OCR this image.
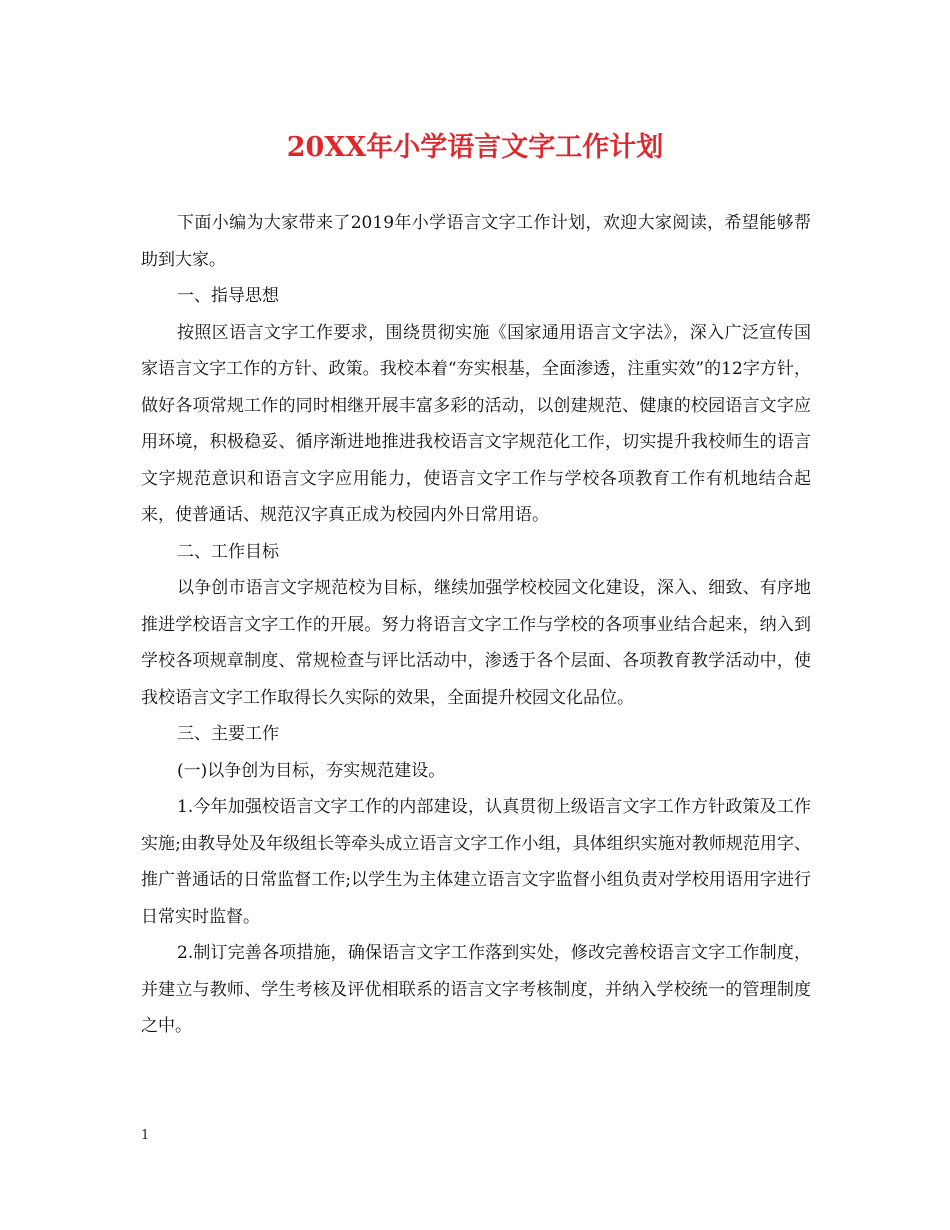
20XX年小学语言文字工作计划

下面小编为大家带来了2019年小学语言文字工作计划，欢迎大家阅读，希望能够帮助到大家。

一、指导思想

按照区语言文字工作要求，围绕贯彻实施《国家通用语言文字法》，深入广泛宣传国家语言文字工作的方针、政策。我校本着“夯实根基，全面渗透，注重实效”的12字方针，做好各项常规工作的同时相继开展丰富多彩的活动，以创建规范、健康的校园语言文字应用环境，积极稳妥、循序渐进地推进我校语言文字规范化工作，切实提升我校师生的语言文字规范意识和语言文字应用能力，使语言文字工作与学校各项教育工作有机地结合起来，使普通话、规范汉字真正成为校园内外日常用语。

二、工作目标

以争创市语言文字规范校为目标，继续加强学校校园文化建设，深入、细致、有序地推进学校语言文字工作的开展。努力将语言文字工作与学校的各项事业结合起来，纳入到学校各项规章制度、常规检查与评比活动中，渗透于各个层面、各项教育教学活动中，使我校语言文字工作取得长久实际的效果，全面提升校园文化品位。

三、主要工作

(一)以争创为目标，夯实规范建设。

1.今年加强校语言文字工作的内部建设，认真贯彻上级语言文字工作方针政策及工作实施;由教导处及年级组长等牵头成立语言文字工作小组，具体组织实施对教师规范用字、推广普通话的日常监督工作;以学生为主体建立语言文字监督小组负责对学校用语用字进行日常实时监督。

2.制订完善各项措施，确保语言文字工作落到实处，修改完善校语言文字工作制度，并建立与教师、学生考核及评优相联系的语言文字考核制度，并纳入学校统一的管理制度之中。

1
